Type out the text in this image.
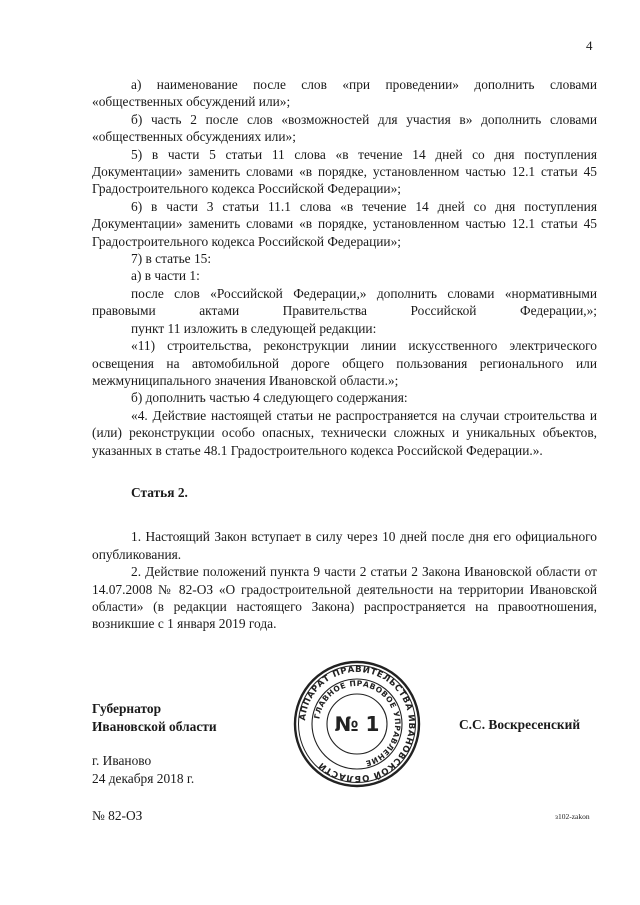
4

а) наименование после слов «при проведении» дополнить словами «общественных обсуждений или»;

б) часть 2 после слов «возможностей для участия в» дополнить словами «общественных обсуждениях или»;

5) в части 5 статьи 11 слова «в течение 14 дней со дня поступления Документации» заменить словами «в порядке, установленном частью 12.1 статьи 45 Градостроительного кодекса Российской Федерации»;

6) в части 3 статьи 11.1 слова «в течение 14 дней со дня поступления Документации» заменить словами «в порядке, установленном частью 12.1 статьи 45 Градостроительного кодекса Российской Федерации»;

7) в статье 15:

а) в части 1:

после слов «Российской Федерации,» дополнить словами «нормативными правовыми актами Правительства Российской Федерации,»;

пункт 11 изложить в следующей редакции:

«11) строительства, реконструкции линии искусственного электрического освещения на автомобильной дороге общего пользования регионального или межмуниципального значения Ивановской области.»;

б) дополнить частью 4 следующего содержания:

«4. Действие настоящей статьи не распространяется на случаи строительства и (или) реконструкции особо опасных, технически сложных и уникальных объектов, указанных в статье 48.1 Градостроительного кодекса Российской Федерации.».

Статья 2.

1. Настоящий Закон вступает в силу через 10 дней после дня его официального опубликования.

2. Действие положений пункта 9 части 2 статьи 2 Закона Ивановской области от 14.07.2008 № 82-ОЗ «О градостроительной деятельности на территории Ивановской области» (в редакции настоящего Закона) распространяется на правоотношения, возникшие с 1 января 2019 года.

Губернатор
Ивановской области
АППАРАТ ПРАВИТЕЛЬСТВА ИВАНОВСКОЙ ОБЛАСТИ
ГЛАВНОЕ ПРАВОВОЕ УПРАВЛЕНИЕ
№ 1	С.С. Воскресенский
г. Иваново
24 декабря 2018 г.
№ 82-ОЗ	з102-zakon
